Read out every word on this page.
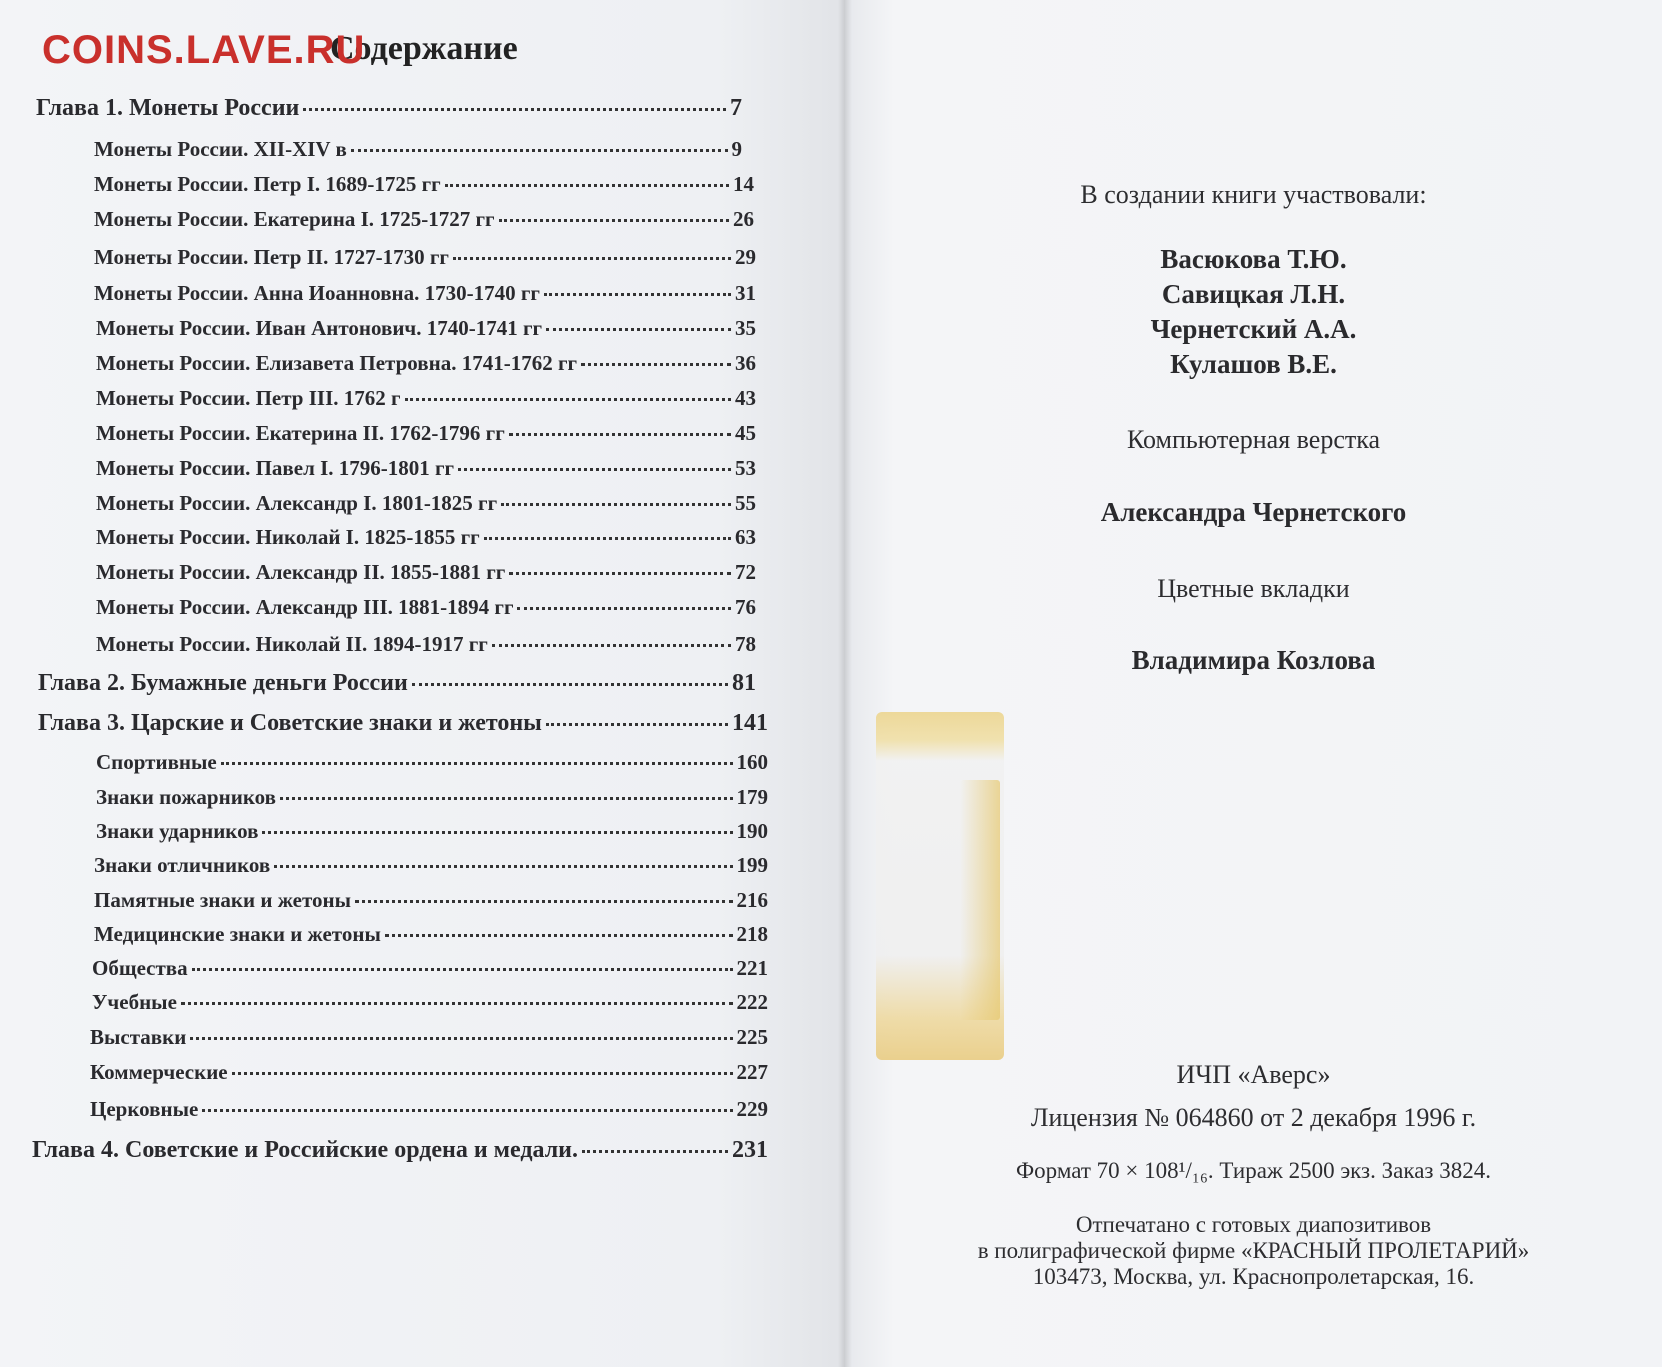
COINS.LAVE.RU
Содержание
Глава 1. Монеты России	7
Монеты России. XII-XIV в	9
Монеты России. Петр I. 1689-1725 гг	14
Монеты России. Екатерина I. 1725-1727 гг	26
Монеты России. Петр II. 1727-1730 гг	29
Монеты России. Анна Иоанновна. 1730-1740 гг	31
Монеты России. Иван Антонович. 1740-1741 гг	35
Монеты России. Елизавета Петровна. 1741-1762 гг	36
Монеты России. Петр III. 1762 г	43
Монеты России. Екатерина II. 1762-1796 гг	45
Монеты России. Павел I. 1796-1801 гг	53
Монеты России. Александр I. 1801-1825 гг	55
Монеты России. Николай I. 1825-1855 гг	63
Монеты России. Александр II. 1855-1881 гг	72
Монеты России. Александр III. 1881-1894 гг	76
Монеты России. Николай II. 1894-1917 гг	78
Глава 2. Бумажные деньги России	81
Глава 3. Царские и Советские знаки и жетоны	141
Спортивные	160
Знаки пожарников	179
Знаки ударников	190
Знаки отличников	199
Памятные знаки и жетоны	216
Медицинские знаки и жетоны	218
Общества	221
Учебные	222
Выставки	225
Коммерческие	227
Церковные	229
Глава 4. Советские и Российские ордена и медали.	231
В создании книги участвовали:
Васюкова Т.Ю.
Савицкая Л.Н.
Чернетский А.А.
Кулашов В.Е.
Компьютерная верстка
Александра Чернетского
Цветные вкладки
Владимира Козлова
ИЧП «Аверс»
Лицензия № 064860 от 2 декабря 1996 г.
Формат 70 × 108¹/₁₆. Тираж 2500 экз. Заказ 3824.
Отпечатано с готовых диапозитивов
в полиграфической фирме «КРАСНЫЙ ПРОЛЕТАРИЙ»
103473, Москва, ул. Краснопролетарская, 16.
